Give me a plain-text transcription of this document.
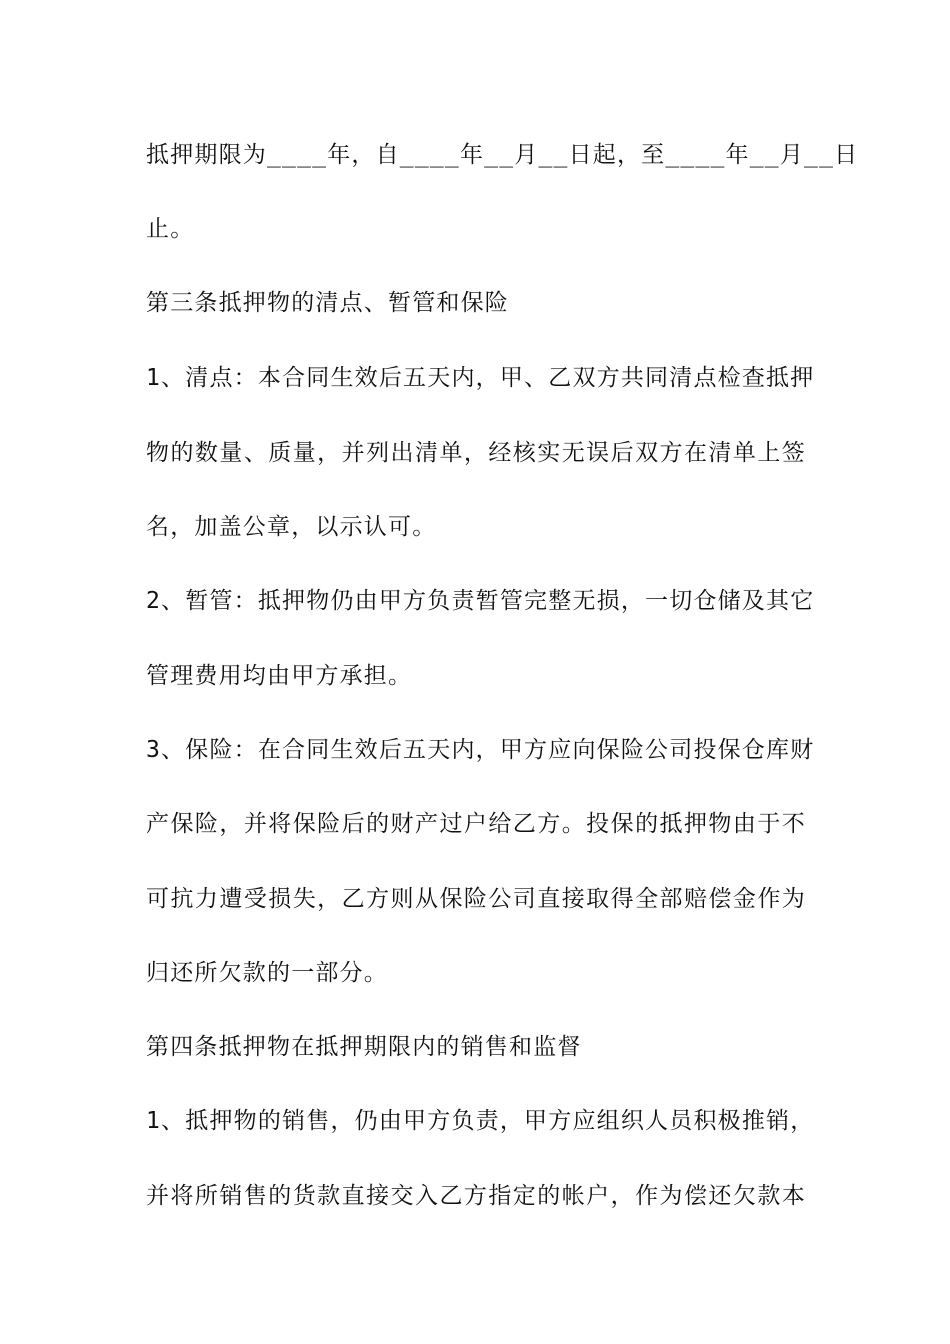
抵押期限为____年，自____年__月__日起，至____年__月__日
止。
第三条抵押物的清点、暂管和保险
1、清点：本合同生效后五天内，甲、乙双方共同清点检查抵押
物的数量、质量，并列出清单，经核实无误后双方在清单上签
名，加盖公章，以示认可。
2、暂管：抵押物仍由甲方负责暂管完整无损，一切仓储及其它
管理费用均由甲方承担。
3、保险：在合同生效后五天内，甲方应向保险公司投保仓库财
产保险，并将保险后的财产过户给乙方。投保的抵押物由于不
可抗力遭受损失，乙方则从保险公司直接取得全部赔偿金作为
归还所欠款的一部分。
第四条抵押物在抵押期限内的销售和监督
1、抵押物的销售，仍由甲方负责，甲方应组织人员积极推销，
并将所销售的货款直接交入乙方指定的帐户，作为偿还欠款本
